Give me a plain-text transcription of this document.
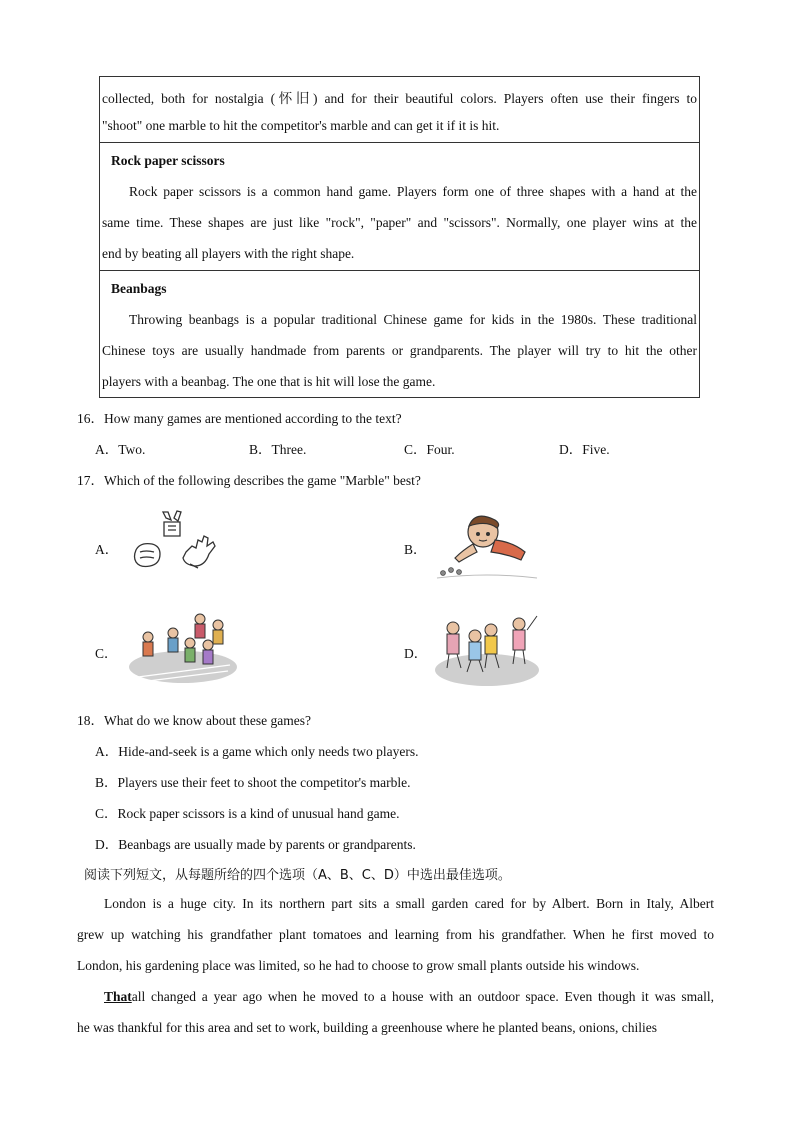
collected, both for nostalgia (怀旧) and for their beautiful colors. Players often use their fingers to
"shoot" one marble to hit the competitor's marble and can get it if it is hit.
Rock paper scissors
Rock paper scissors is a common hand game. Players form one of three shapes with a hand at the
same time. These shapes are just like "rock", "paper" and "scissors". Normally, one player wins at the
end by beating all players with the right shape.
Beanbags
Throwing beanbags is a popular traditional Chinese game for kids in the 1980s. These traditional
Chinese toys are usually handmade from parents or grandparents. The player will try to hit the other
players with a beanbag. The one that is hit will lose the game.
16．How many games are mentioned according to the text?
A．Two.	B．Three.	C．Four.	D．Five.
17．Which of the following describes the game "Marble" best?
A．	B．
C．	D．
18．What do we know about these games?
A．Hide-and-seek is a game which only needs two players.
B．Players use their feet to shoot the competitor's marble.
C．Rock paper scissors is a kind of unusual hand game.
D．Beanbags are usually made by parents or grandparents.
阅读下列短文，从每题所给的四个选项（A、B、C、D）中选出最佳选项。
London is a huge city. In its northern part sits a small garden cared for by Albert. Born in Italy, Albert
grew up watching his grandfather plant tomatoes and learning from his grandfather. When he first moved to
London, his gardening place was limited, so he had to choose to grow small plants outside his windows.
That all changed a year ago when he moved to a house with an outdoor space. Even though it was small,
he was thankful for this area and set to work, building a greenhouse where he planted beans, onions, chilies
